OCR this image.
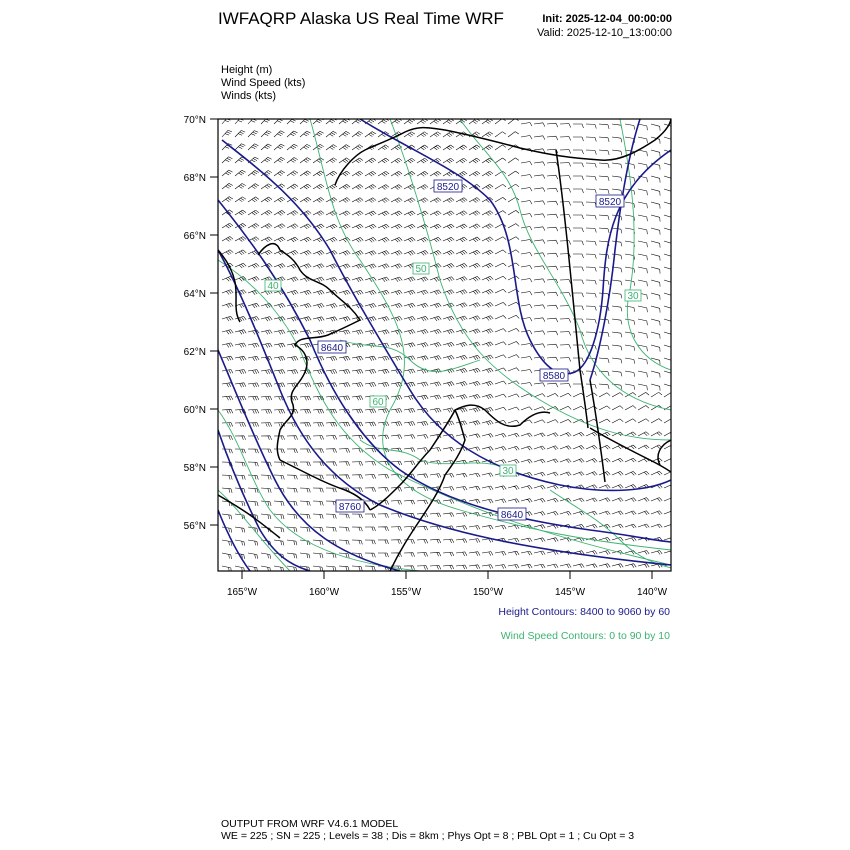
IWFAQRP Alaska US Real Time WRF	Init: 2025-12-04_00:00:00
Valid: 2025-12-10_13:00:00
Height (m)
Wind Speed (kts)
Winds (kts)
8520
8520
8640
8580
8760
8640
50
40
30
60
30
70°N
68°N
66°N
64°N
62°N
60°N
58°N
56°N
165°W	160°W	155°W	150°W	145°W	140°W
Height Contours: 8400 to 9060 by 60
Wind Speed Contours: 0 to 90 by 10
OUTPUT FROM WRF V4.6.1 MODEL
WE = 225 ; SN = 225 ; Levels = 38 ; Dis = 8km ; Phys Opt = 8 ; PBL Opt = 1 ; Cu Opt = 3
